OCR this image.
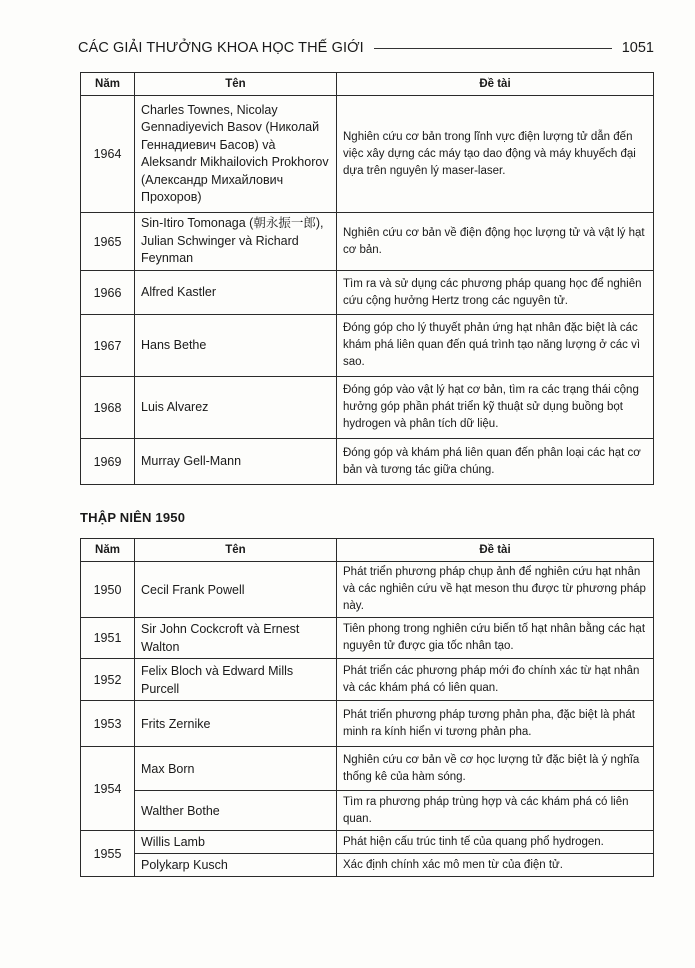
CÁC GIẢI THƯỞNG KHOA HỌC THẾ GIỚI	1051
Năm	Tên	Đề tài
1964	Charles Townes, Nicolay Gennadiyevich Basov (Николай Геннадиевич Басов) và Aleksandr Mikhailovich Prokhorov (Александр Михайлович Прохоров)	Nghiên cứu cơ bản trong lĩnh vực điện lượng tử dẫn đến việc xây dựng các máy tạo dao động và máy khuyếch đại dựa trên nguyên lý maser-laser.
1965	Sin-Itiro Tomonaga (朝永振一郎), Julian Schwinger và Richard Feynman	Nghiên cứu cơ bản về điện động học lượng tử và vật lý hạt cơ bản.
1966	Alfred Kastler	Tìm ra và sử dụng các phương pháp quang học để nghiên cứu cộng hưởng Hertz trong các nguyên tử.
1967	Hans Bethe	Đóng góp cho lý thuyết phản ứng hạt nhân đặc biệt là các khám phá liên quan đến quá trình tạo năng lượng ở các vì sao.
1968	Luis Alvarez	Đóng góp vào vật lý hạt cơ bản, tìm ra các trạng thái cộng hưởng góp phần phát triển kỹ thuật sử dụng buồng bọt hydrogen và phân tích dữ liệu.
1969	Murray Gell-Mann	Đóng góp và khám phá liên quan đến phân loại các hạt cơ bản và tương tác giữa chúng.
THẬP NIÊN 1950
Năm	Tên	Đề tài
1950	Cecil Frank Powell	Phát triển phương pháp chụp ảnh để nghiên cứu hạt nhân và các nghiên cứu về hạt meson thu được từ phương pháp này.
1951	Sir John Cockcroft và Ernest Walton	Tiên phong trong nghiên cứu biến tố hạt nhân bằng các hạt nguyên tử được gia tốc nhân tạo.
1952	Felix Bloch và Edward Mills Purcell	Phát triển các phương pháp mới đo chính xác từ hạt nhân và các khám phá có liên quan.
1953	Frits Zernike	Phát triển phương pháp tương phản pha, đặc biệt là phát minh ra kính hiển vi tương phản pha.
1954	Max Born	Nghiên cứu cơ bản về cơ học lượng tử đặc biệt là ý nghĩa thống kê của hàm sóng.
	Walther Bothe	Tìm ra phương pháp trùng hợp và các khám phá có liên quan.
1955	Willis Lamb	Phát hiện cấu trúc tinh tế của quang phổ hydrogen.
	Polykarp Kusch	Xác định chính xác mô men từ của điện tử.
